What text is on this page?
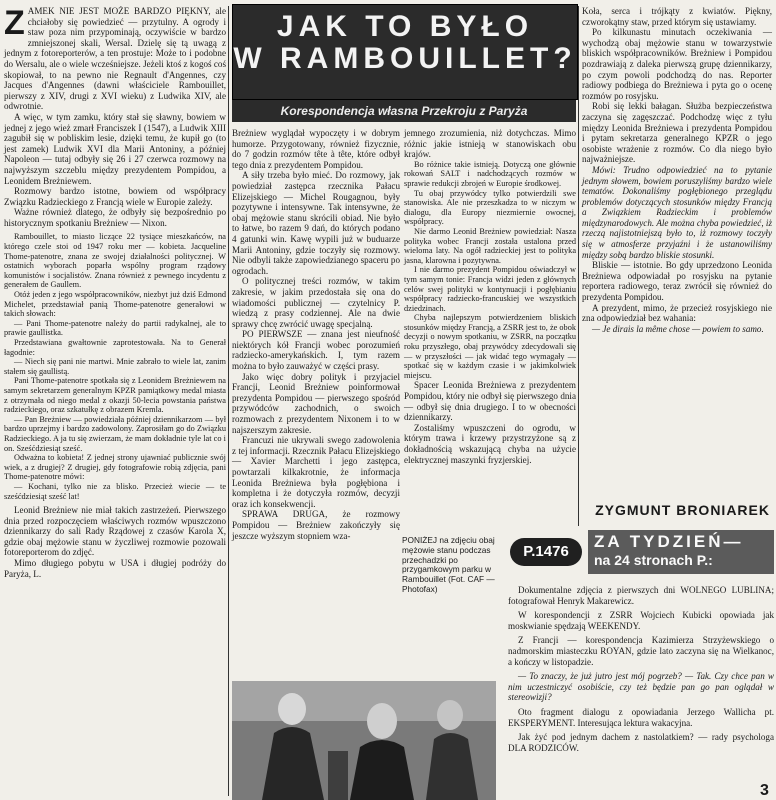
Z AMEK NIE JEST MOŻE BARDZO PIĘKNY, ale chciałoby się powiedzieć — przytulny. A ogrody i staw poza nim przypominają, oczywiście w bardzo zmniejszonej skali, Wersal. Dzielę się tą uwagą z jednym z fotoreporterów, a ten prostuje: Może to i podobne do Wersalu, ale o wiele wcześniejsze. Jeżeli ktoś z kogoś coś skopiował, to na pewno nie Regnault d'Angennes, czy Jacques d'Angennes (dawni właściciele Rambouillet, pierwszy z XIV, drugi z XVI wieku) z Ludwika XIV, ale odwrotnie.

A więc, w tym zamku, który stał się sławny, bowiem w jednej z jego wież zmarł Franciszek I (1547), a Ludwik XIII zagubił się w pobliskim lesie, dzięki temu, że kupił go (to jest zamek) Ludwik XVI dla Marii Antoniny, a później Napoleon — tutaj odbyły się 26 i 27 czerwca rozmowy na najwyższym szczeblu między prezydentem Pompidou, a Leonidem Breżniewem.

Rozmowy bardzo istotne, bowiem od współpracy Związku Radzieckiego z Francją wiele w Europie zależy.

Ważne również dlatego, że odbyły się bezpośrednio po historycznym spotkaniu Breżniew — Nixon.

Rambouillet, to miasto liczące 22 tysiące mieszkańców, na którego czele stoi od 1947 roku mer — kobieta. Jacqueline Thome-patenotre, znana ze swojej działalności politycznej. W ostatnich wyborach poparła wspólny program rządowy komunistów i socjalistów. Znana również z pewnego incydentu z generałem de Gaullem.

Otóż jeden z jego współpracowników, niezbyt już dziś Edmond Michelet, przedstawiał panią Thome-patenotre generałowi w takich słowach:

— Pani Thome-patenotre należy do partii radykalnej, ale to prawie gaullistka.

Przedstawiana gwałtownie zaprotestowała. Na to Generał łagodnie:

— Niech się pani nie martwi. Mnie zabrało to wiele lat, zanim stałem się gaullistą.

Pani Thome-patenotre spotkała się z Leonidem Breżniewem na samym sekretarzem generalnym KPZR pamiątkowy medal miasta z otrzymała od niego medal z okazji 50-lecia powstania państwa radzieckiego, oraz szkatułkę z obrazem Kremla.

— Pan Breżniew — powiedziała później dziennikarzom — był bardzo uprzejmy i bardzo zadowolony. Zaprosiłam go do Związku Radzieckiego. A ja tu się zwierzam, że mam dokładnie tyle lat co i on. Sześćdziesiąt sześć.

Odważna to kobieta! Z jednej strony ujawniać publicznie swój wiek, a z drugiej? Z drugiej, gdy fotografowie robią zdjęcia, pani Thome-patenotre mówi:

— Kochani, tylko nie za blisko. Przecież wiecie — te sześćdziesiąt sześć lat!

Leonid Breżniew nie miał takich zastrzeżeń. Pierwszego dnia przed rozpoczęciem właściwych rozmów wpuszczono dziennikarzy do sali Rady Rządowej z czasów Karola X, gdzie obaj mężowie stanu w życzliwej rozmowie pozowali fotoreporterom do zdjęć.

Mimo długiego pobytu w USA i długiej podróży do Paryża, L.

JAK TO BYŁO
W RAMBOUILLET?
Korespondencja własna Przekroju z Paryża

Breżniew wyglądał wypoczęty i w dobrym humorze. Przygotowany, również fizycznie, do 7 godzin rozmów tête à tête, które odbył tego dnia z prezydentem Pompidou.

A siły trzeba było mieć. Do rozmowy, jak powiedział zastępca rzecznika Pałacu Elizejskiego — Michel Rougagnou, były pozytywne i intensywne. Tak intensywne, że obaj mężowie stanu skrócili obiad. Nie było to łatwe, bo razem 9 dań, do których podano 4 gatunki win. Kawę wypili już w buduarze Marii Antoniny, gdzie toczyły się rozmowy. Nie odbyli także zapowiedzianego spaceru po ogrodach.

O politycznej treści rozmów, w takim zakresie, w jakim przedostała się ona do wiadomości publicznej — czytelnicy P. wiedzą z prasy codziennej. Ale na dwie sprawy chcę zwrócić uwagę specjalną.

PO PIERWSZE — znana jest nieufność niektórych kół Francji wobec porozumień radziecko-amerykańskich. I, tym razem można to było zauważyć w części prasy.

Jako więc dobry polityk i przyjaciel Francji, Leonid Breżniew poinformował prezydenta Pompidou — pierwszego spośród przywódców zachodnich, o swoich rozmowach z prezydentem Nixonem i to w najszerszym zakresie.

Francuzi nie ukrywali swego zadowolenia z tej informacji. Rzecznik Pałacu Elizejskiego — Xavier Marchetti i jego zastępca, powtarzali kilkakrotnie, że informacja Leonida Breżniewa była pogłębiona i kompletna i że dotyczyła rozmów, decyzji oraz ich konsekwencji.

SPRAWA DRUGA, że rozmowy Pompidou — Breżniew zakończyły się jeszcze wyższym stopniem wza-

jemnego zrozumienia, niż dotychczas. Mimo różnic jakie istnieją w stanowiskach obu krajów.

Bo różnice takie istnieją. Dotyczą one głównie rokowań SALT i nadchodzących rozmów w sprawie redukcji zbrojeń w Europie środkowej.

Tu obaj przywódcy tylko potwierdzili swe stanowiska. Ale nie przeszkadza to w niczym w dialogu, dla Europy niezmiernie owocnej, współpracy.

Nie darmo Leonid Breżniew powiedział: Nasza polityka wobec Francji została ustalona przed wieloma laty. Na ogół radzieckiej jest to polityka jasna, klarowna i pozytywna.

I nie darmo prezydent Pompidou oświadczył w tym samym tonie: Francja widzi jeden z głównych celów swej polityki w kontynuacji i pogłębianiu współpracy radziecko-francuskiej we wszystkich dziedzinach.

Chyba najlepszym potwierdzeniem bliskich stosunków między Francją, a ZSRR jest to, że obok decyzji o nowym spotkaniu, w ZSRR, na początku roku przyszłego, obaj przywódcy zdecydowali się — w przyszłości — jak widać tego wymagały — spotkać się w każdym czasie i w jakimkolwiek miejscu.

Spacer Leonida Breżniewa z prezydentem Pompidou, który nie odbył się pierwszego dnia — odbył się dnia drugiego. I to w obecności dziennikarzy.

Zostaliśmy wpuszczeni do ogrodu, w którym trawa i krzewy przystrzyżone są z dokładnością wskazującą chyba na użycie elektrycznej maszynki fryzjerskiej.

Koła, serca i trójkąty z kwiatów. Piękny, czworokątny staw, przed którym się ustawiamy.

Po kilkunastu minutach oczekiwania — wychodzą obaj mężowie stanu w towarzystwie bliskich współpracowników. Breżniew i Pompidou pozdrawiają z daleka pierwszą grupę dziennikarzy, po czym powoli podchodzą do nas. Reporter radiowy podbiega do Breżniewa i pyta go o ocenę rozmów po rosyjsku.

Robi się lekki bałagan. Służba bezpieczeństwa zaczyna się zagęszczać. Podchodzę więc z tyłu między Leonida Breżniewa i prezydenta Pompidou i pytam sekretarza generalnego KPZR o jego osobiste wrażenie z rozmów. Co dla niego było najważniejsze.

Mówi: Trudno odpowiedzieć na to pytanie jednym słowem, bowiem poruszyliśmy bardzo wiele tematów. Dokonaliśmy pogłębionego przeglądu problemów dotyczących stosunków między Francją a Związkiem Radzieckim i problemów międzynarodowych. Ale można chyba powiedzieć, iż rzeczą najistotniejszą było to, iż rozmowy toczyły się w atmosferze przyjaźni i że ustanowiliśmy między sobą bardzo bliskie stosunki.

Bliskie — istotnie. Bo gdy uprzedzono Leonida Breżniewa odpowiadał po rosyjsku na pytanie reportera radiowego, teraz zwrócił się również do prezydenta Pompidou.

A prezydent, mimo, że przecież rosyjskiego nie zna odpowiedział bez wahania:

— Je dirais la même chose — powiem to samo.

ZYGMUNT BRONIAREK
PONIŻEJ na zdjęciu obaj mężowie stanu podczas przechadzki po przygamkowym parku w Rambouillet (Fot. CAF — Photofax)
P.1476
ZA TYDZIEŃ—
na 24 stronach P.:

Dokumentalne zdjęcia z pierwszych dni WOLNEGO LUBLINA; fotografował Henryk Makarewicz.

W korespondencji z ZSRR Wojciech Kubicki opowiada jak moskwianie spędzają WEEKENDY.

Z Francji — korespondencja Kazimierza Strzyżewskiego o nadmorskim miasteczku ROYAN, gdzie lato zaczyna się na Wielkanoc, a kończy w listopadzie.

— To znaczy, że już jutro jest mój pogrzeb? — Tak. Czy chce pan w nim uczestniczyć osobiście, czy też będzie pan go pan oglądał w stereowizji?

Oto fragment dialogu z opowiadania Jerzego Wallicha pt. EKSPERYMENT. Interesująca lektura wakacyjna.

Jak żyć pod jednym dachem z nastolatkiem? — rady psychologa DLA RODZICÓW.

3
